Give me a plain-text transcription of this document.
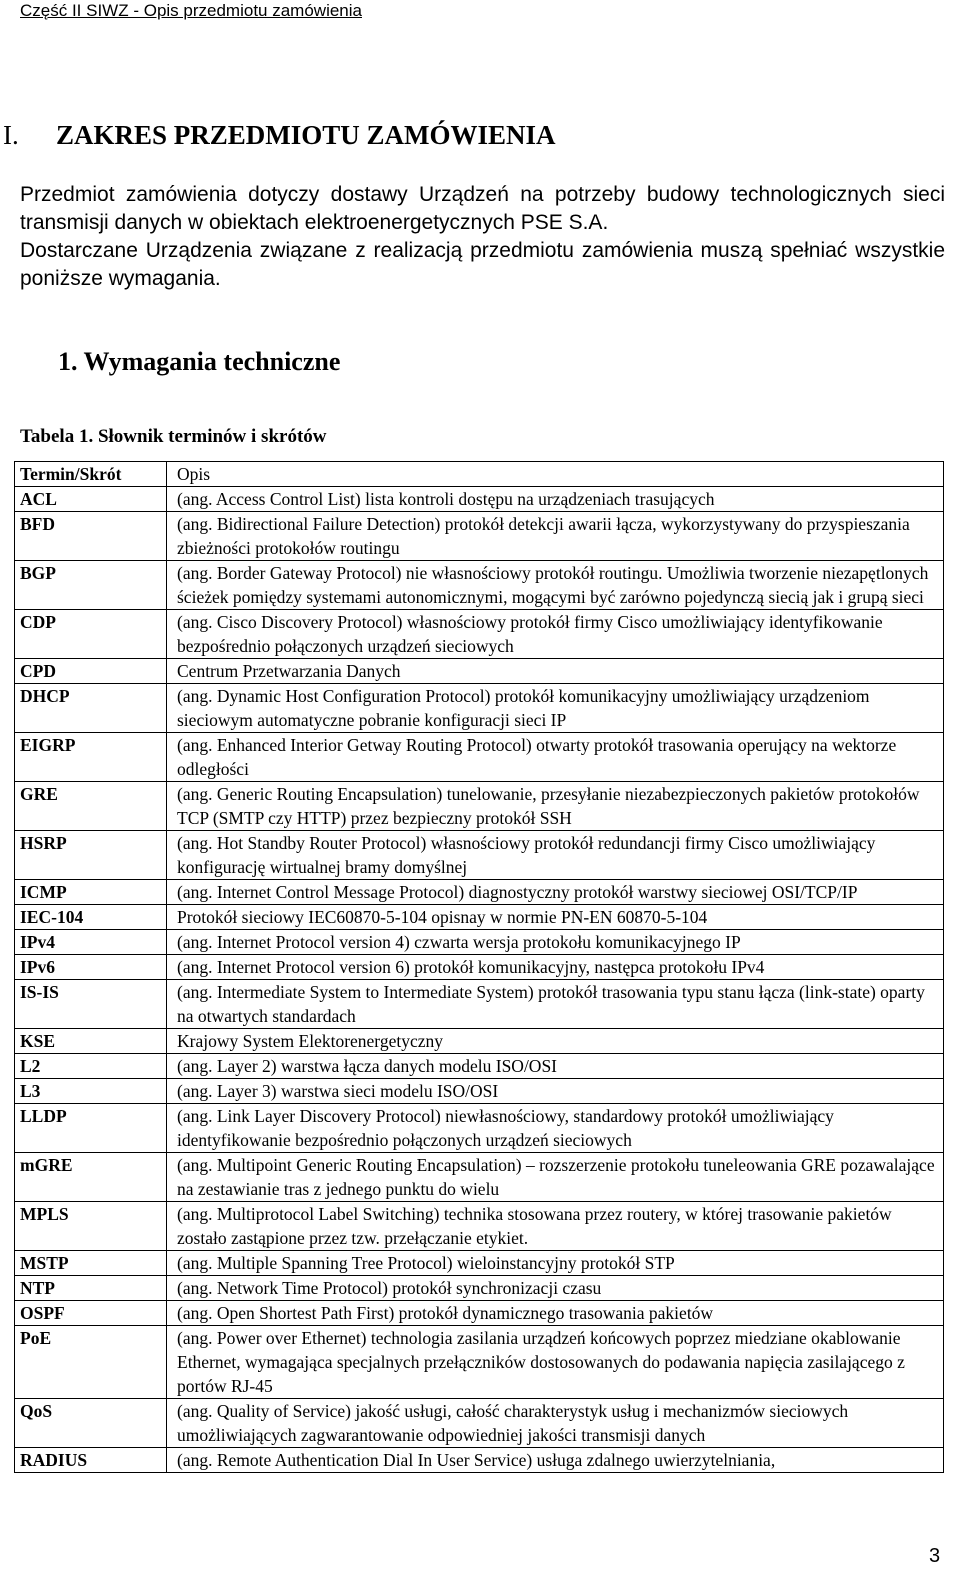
Część II SIWZ - Opis przedmiotu zamówienia
I. ZAKRES PRZEDMIOTU ZAMÓWIENIA

Przedmiot zamówienia dotyczy dostawy Urządzeń na potrzeby budowy technologicznych sieci transmisji danych w obiektach elektroenergetycznych PSE S.A.

Dostarczane Urządzenia związane z realizacją przedmiotu zamówienia muszą spełniać wszystkie poniższe wymagania.

1. Wymagania techniczne
Tabela 1. Słownik terminów i skrótów
Termin/Skrót	Opis
ACL	(ang. Access Control List) lista kontroli dostępu na urządzeniach trasujących
BFD	(ang. Bidirectional Failure Detection) protokół detekcji awarii łącza, wykorzystywany do przyspieszania zbieżności protokołów routingu
BGP	(ang. Border Gateway Protocol) nie własnościowy protokół routingu. Umożliwia tworzenie niezapętlonych ścieżek pomiędzy systemami autonomicznymi, mogącymi być zarówno pojedynczą siecią jak i grupą sieci
CDP	(ang. Cisco Discovery Protocol) własnościowy protokół firmy Cisco umożliwiający identyfikowanie bezpośrednio połączonych urządzeń sieciowych
CPD	Centrum Przetwarzania Danych
DHCP	(ang. Dynamic Host Configuration Protocol) protokół komunikacyjny umożliwiający urządzeniom sieciowym automatyczne pobranie konfiguracji sieci IP
EIGRP	(ang. Enhanced Interior Getway Routing Protocol) otwarty protokół trasowania operujący na wektorze odległości
GRE	(ang. Generic Routing Encapsulation) tunelowanie, przesyłanie niezabezpieczonych pakietów protokołów TCP (SMTP czy HTTP) przez bezpieczny protokół SSH
HSRP	(ang. Hot Standby Router Protocol) własnościowy protokół redundancji firmy Cisco umożliwiający konfigurację wirtualnej bramy domyślnej
ICMP	(ang. Internet Control Message Protocol) diagnostyczny protokół warstwy sieciowej OSI/TCP/IP
IEC-104	Protokół sieciowy IEC60870-5-104 opisnay w normie PN-EN 60870-5-104
IPv4	(ang. Internet Protocol version 4) czwarta wersja protokołu komunikacyjnego IP
IPv6	(ang. Internet Protocol version 6) protokół komunikacyjny, następca protokołu IPv4
IS-IS	(ang. Intermediate System to Intermediate System) protokół trasowania typu stanu łącza (link-state) oparty na otwartych standardach
KSE	Krajowy System Elektorenergetyczny
L2	(ang. Layer 2) warstwa łącza danych modelu ISO/OSI
L3	(ang. Layer 3) warstwa sieci modelu ISO/OSI
LLDP	(ang. Link Layer Discovery Protocol) niewłasnościowy, standardowy protokół umożliwiający identyfikowanie bezpośrednio połączonych urządzeń sieciowych
mGRE	(ang. Multipoint Generic Routing Encapsulation) – rozszerzenie protokołu tuneleowania GRE pozawalające na zestawianie tras z jednego punktu do wielu
MPLS	(ang. Multiprotocol Label Switching) technika stosowana przez routery, w której trasowanie pakietów zostało zastąpione przez tzw. przełączanie etykiet.
MSTP	(ang. Multiple Spanning Tree Protocol) wieloinstancyjny protokół STP
NTP	(ang. Network Time Protocol) protokół synchronizacji czasu
OSPF	(ang. Open Shortest Path First) protokół dynamicznego trasowania pakietów
PoE	(ang. Power over Ethernet) technologia zasilania urządzeń końcowych poprzez miedziane okablowanie Ethernet, wymagająca specjalnych przełączników dostosowanych do podawania napięcia zasilającego z portów RJ-45
QoS	(ang. Quality of Service) jakość usługi, całość charakterystyk usług i mechanizmów sieciowych umożliwiających zagwarantowanie odpowiedniej jakości transmisji danych
RADIUS	(ang. Remote Authentication Dial In User Service) usługa zdalnego uwierzytelniania,
3
